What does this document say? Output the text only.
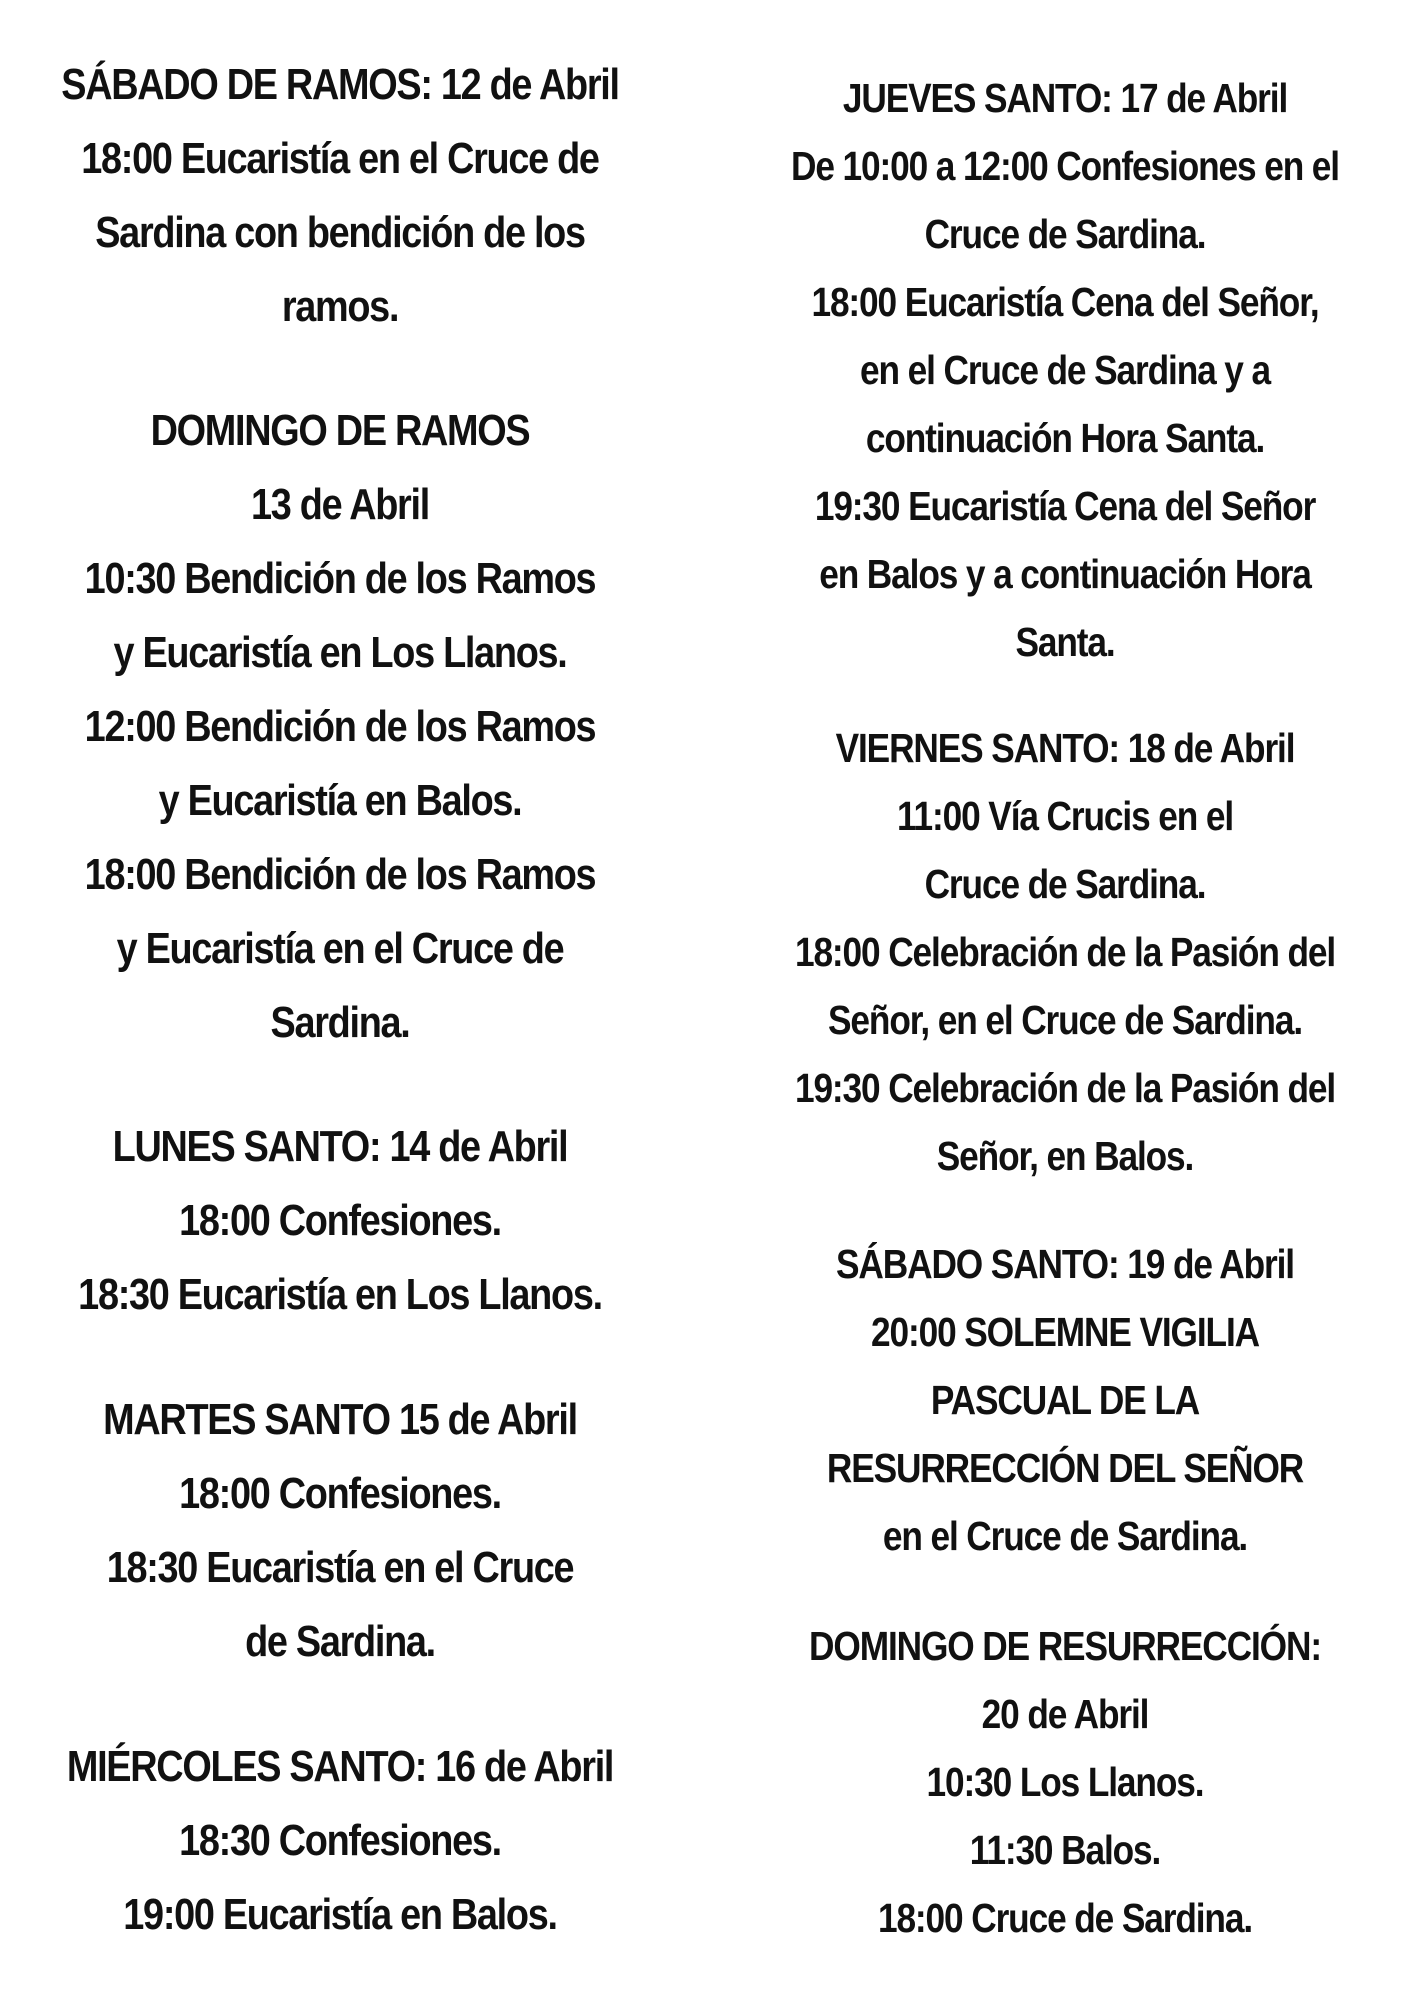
SÁBADO DE RAMOS: 12 de Abril
18:00 Eucaristía en el Cruce de
Sardina con bendición de los
ramos.
DOMINGO DE RAMOS
13 de Abril
10:30 Bendición de los Ramos
y Eucaristía en Los Llanos.
12:00 Bendición de los Ramos
y Eucaristía en Balos.
18:00 Bendición de los Ramos
y Eucaristía en el Cruce de
Sardina.
LUNES SANTO: 14 de Abril
18:00 Confesiones.
18:30 Eucaristía en Los Llanos.
MARTES SANTO 15 de Abril
18:00 Confesiones.
18:30 Eucaristía en el Cruce
de Sardina.
MIÉRCOLES SANTO: 16 de Abril
18:30 Confesiones.
19:00 Eucaristía en Balos.
JUEVES SANTO: 17 de Abril
De 10:00 a 12:00 Confesiones en el
Cruce de Sardina.
18:00 Eucaristía Cena del Señor,
en el Cruce de Sardina y a
continuación Hora Santa.
19:30 Eucaristía Cena del Señor
en Balos y a continuación Hora
Santa.
VIERNES SANTO: 18 de Abril
11:00 Vía Crucis en el
Cruce de Sardina.
18:00 Celebración de la Pasión del
Señor, en el Cruce de Sardina.
19:30 Celebración de la Pasión del
Señor, en Balos.
SÁBADO SANTO: 19 de Abril
20:00 SOLEMNE VIGILIA
PASCUAL DE LA
RESURRECCIÓN DEL SEÑOR
en el Cruce de Sardina.
DOMINGO DE RESURRECCIÓN:
20 de Abril
10:30 Los Llanos.
11:30 Balos.
18:00 Cruce de Sardina.
